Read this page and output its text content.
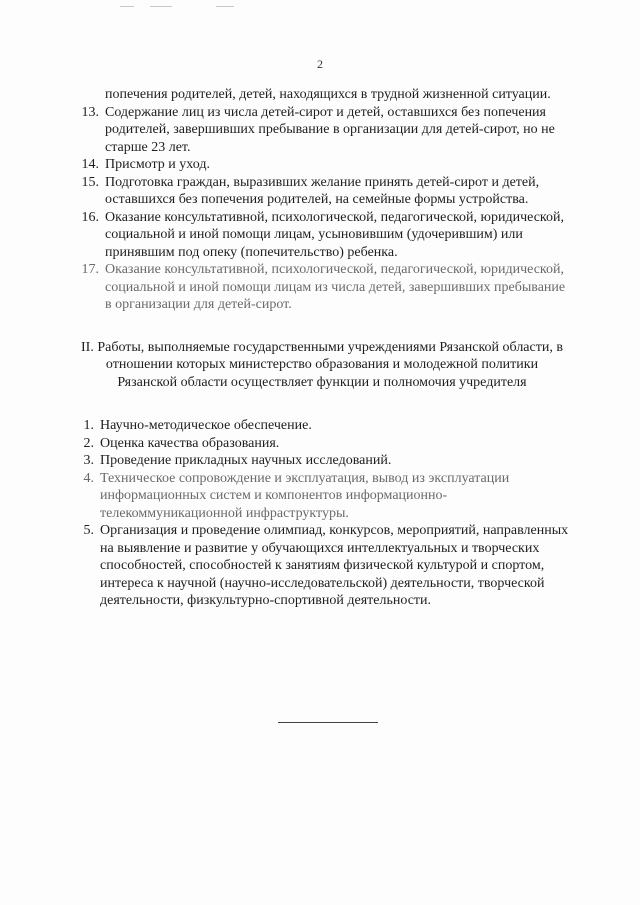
2
попечения родителей, детей, находящихся в трудной жизненной ситуации.
13. Содержание лиц из числа детей-сирот и детей, оставшихся без попечения родителей, завершивших пребывание в организации для детей-сирот, но не старше 23 лет.
14. Присмотр и уход.
15. Подготовка граждан, выразивших желание принять детей-сирот и детей, оставшихся без попечения родителей, на семейные формы устройства.
16. Оказание консультативной, психологической, педагогической, юридической, социальной и иной помощи лицам, усыновившим (удочерившим) или принявшим под опеку (попечительство) ребенка.
17. Оказание консультативной, психологической, педагогической, юридической, социальной и иной помощи лицам из числа детей, завершивших пребывание в организации для детей-сирот.
II. Работы, выполняемые государственными учреждениями Рязанской области, в отношении которых министерство образования и молодежной политики Рязанской области осуществляет функции и полномочия учредителя
1. Научно-методическое обеспечение.
2. Оценка качества образования.
3. Проведение прикладных научных исследований.
4. Техническое сопровождение и эксплуатация, вывод из эксплуатации информационных систем и компонентов информационно-телекоммуникационной инфраструктуры.
5. Организация и проведение олимпиад, конкурсов, мероприятий, направленных на выявление и развитие у обучающихся интеллектуальных и творческих способностей, способностей к занятиям физической культурой и спортом, интереса к научной (научно-исследовательской) деятельности, творческой деятельности, физкультурно-спортивной деятельности.
